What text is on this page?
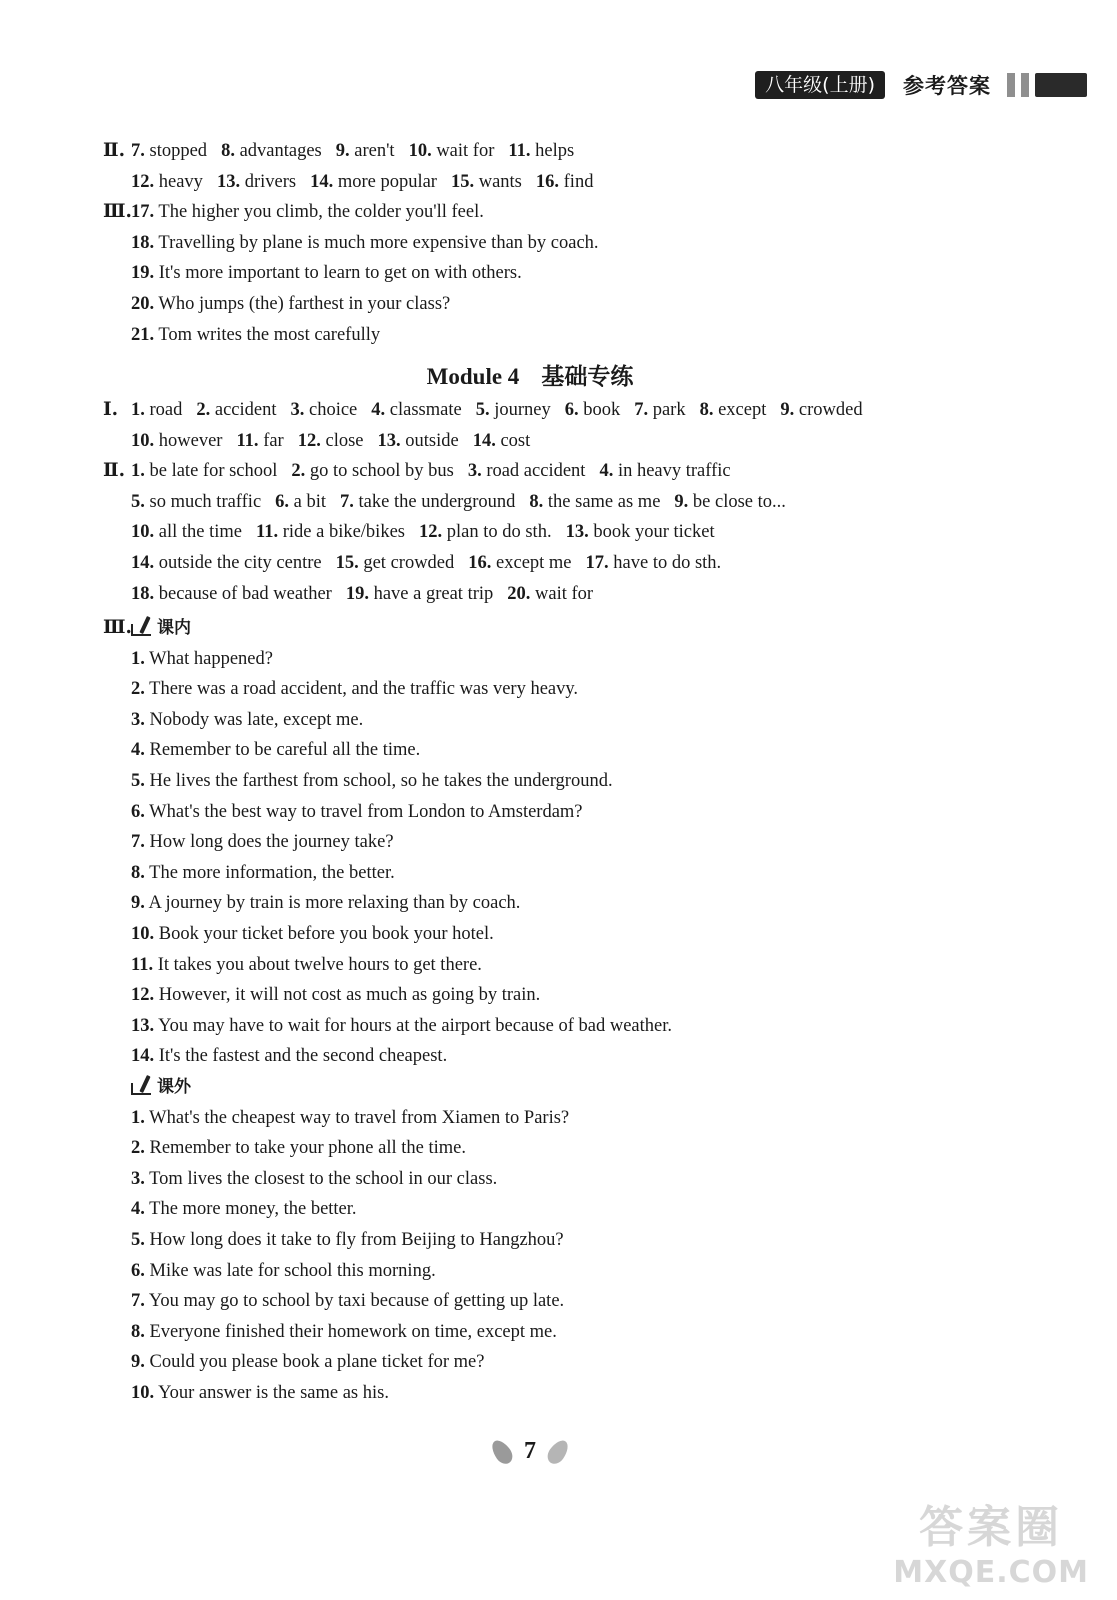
八年级(上册)	参考答案
Ⅱ. 7. stopped 8. advantages 9. aren't 10. wait for 11. helps
12. heavy 13. drivers 14. more popular 15. wants 16. find
Ⅲ. 17. The higher you climb, the colder you'll feel.
18. Travelling by plane is much more expensive than by coach.
19. It's more important to learn to get on with others.
20. Who jumps (the) farthest in your class?
21. Tom writes the most carefully
Module 4 基础专练
Ⅰ. 1. road 2. accident 3. choice 4. classmate 5. journey 6. book 7. park 8. except 9. crowded
10. however 11. far 12. close 13. outside 14. cost
Ⅱ. 1. be late for school 2. go to school by bus 3. road accident 4. in heavy traffic
5. so much traffic 6. a bit 7. take the underground 8. the same as me 9. be close to...
10. all the time 11. ride a bike/bikes 12. plan to do sth. 13. book your ticket
14. outside the city centre 15. get crowded 16. except me 17. have to do sth.
18. because of bad weather 19. have a great trip 20. wait for
Ⅲ.	课内
1. What happened?
2. There was a road accident, and the traffic was very heavy.
3. Nobody was late, except me.
4. Remember to be careful all the time.
5. He lives the farthest from school, so he takes the underground.
6. What's the best way to travel from London to Amsterdam?
7. How long does the journey take?
8. The more information, the better.
9. A journey by train is more relaxing than by coach.
10. Book your ticket before you book your hotel.
11. It takes you about twelve hours to get there.
12. However, it will not cost as much as going by train.
13. You may have to wait for hours at the airport because of bad weather.
14. It's the fastest and the second cheapest.
课外
1. What's the cheapest way to travel from Xiamen to Paris?
2. Remember to take your phone all the time.
3. Tom lives the closest to the school in our class.
4. The more money, the better.
5. How long does it take to fly from Beijing to Hangzhou?
6. Mike was late for school this morning.
7. You may go to school by taxi because of getting up late.
8. Everyone finished their homework on time, except me.
9. Could you please book a plane ticket for me?
10. Your answer is the same as his.
7
答案圈
MXQE.COM
